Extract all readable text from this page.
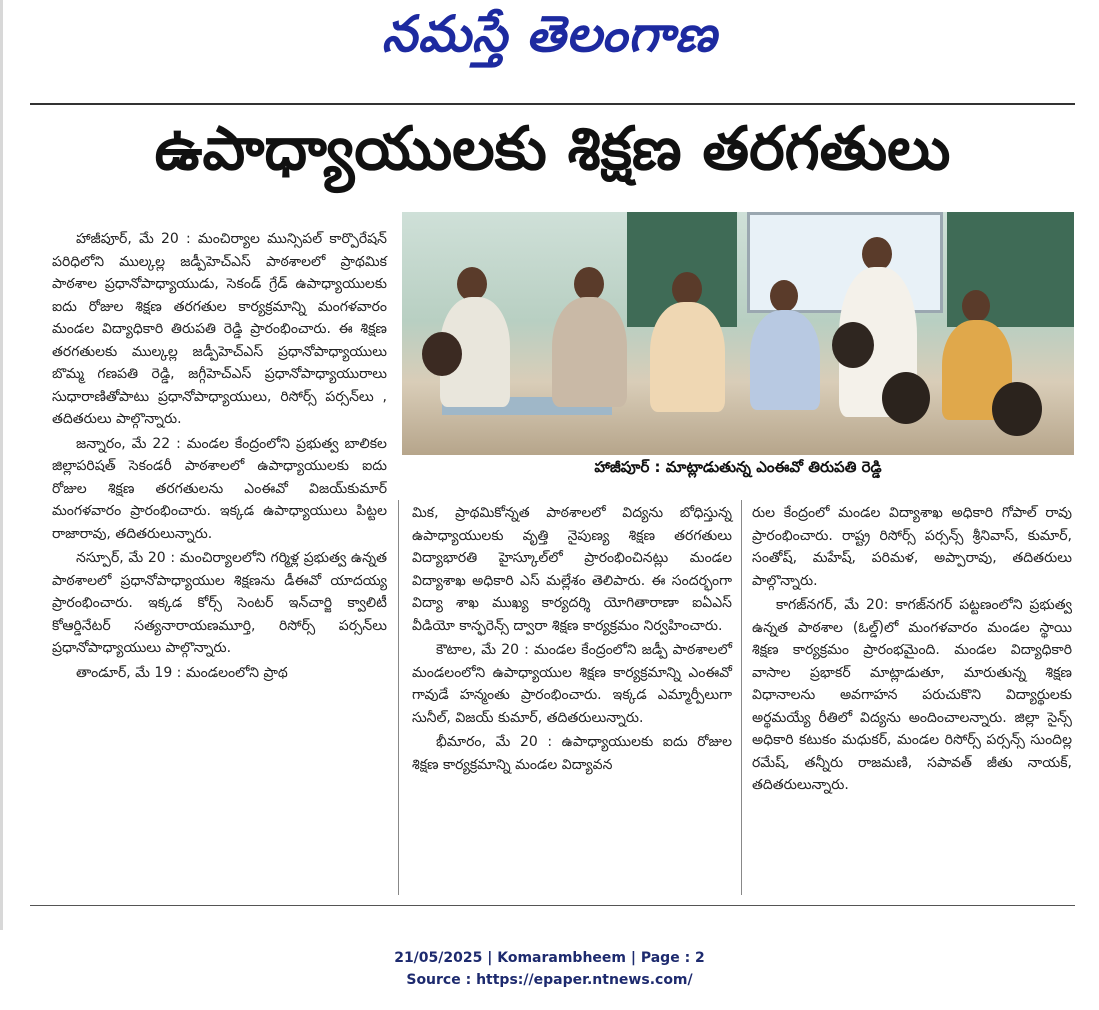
నమస్తే తెలంగాణ
ఉపాధ్యాయులకు శిక్షణ తరగతులు

హాజీపూర్, మే 20 : మంచిర్యాల మున్సిపల్ కార్పొరేషన్ పరిధిలోని ముల్కల్ల జడ్పీహెచ్‌ఎస్ పాఠశాలలో ప్రాథమిక పాఠశాల ప్రధానోపాధ్యాయుడు, సెకండ్ గ్రేడ్ ఉపాధ్యాయులకు ఐదు రోజుల శిక్షణ తరగతుల కార్యక్రమాన్ని మంగళవారం మండల విద్యాధికారి తిరుపతి రెడ్డి ప్రారంభించారు. ఈ శిక్షణ తరగతులకు ముల్కల్ల జడ్పీహెచ్‌ఎస్ ప్రధానోపాధ్యాయులు బొమ్మ గణపతి రెడ్డి, జగ్గీహెచ్‌ఎస్ ప్రధానోపాధ్యాయురాలు సుధారాణితోపాటు ప్రధానోపాధ్యాయులు, రిసోర్స్ పర్సన్‌లు , తదితరులు పాల్గొన్నారు.

జన్నారం, మే 22 : మండల కేంద్రంలోని ప్రభుత్వ బాలికల జిల్లాపరిషత్ సెకండరీ పాఠశాలలో ఉపాధ్యాయులకు ఐదు రోజుల శిక్షణ తరగతులను ఎంఈవో విజయ్‌కుమార్ మంగళవారం ప్రారంభించారు. ఇక్కడ ఉపాధ్యాయులు పిట్టల రాజారావు, తదితరులున్నారు.

నస్పూర్, మే 20 : మంచిర్యాలలోని గర్మిళ్ల ప్రభుత్వ ఉన్నత పాఠశాలలో ప్రధానోపాధ్యాయుల శిక్షణను డీఈవో యాదయ్య ప్రారంభించారు. ఇక్కడ కోర్స్ సెంటర్ ఇన్‌చార్జి క్వాలిటీ కోఆర్డినేటర్ సత్యనారాయణమూర్తి, రిసోర్స్ పర్సన్‌లు ప్రధానోపాధ్యాయులు పాల్గొన్నారు.

తాండూర్, మే 19 : మండలంలోని ప్రాథ

హాజీపూర్ : మాట్లాడుతున్న ఎంఈవో తిరుపతి రెడ్డి

మిక, ప్రాథమికోన్నత పాఠశాలలో విద్యను బోధిస్తున్న ఉపాధ్యాయులకు వృత్తి నైపుణ్య శిక్షణ తరగతులు విద్యాభారతి హైస్కూల్‌లో ప్రారంభించినట్లు మండల విద్యాశాఖ అధికారి ఎస్ మల్లేశం తెలిపారు. ఈ సందర్భంగా విద్యా శాఖ ముఖ్య కార్యదర్శి యోగితారాణా ఐఏఎస్ వీడియో కాన్ఫరెన్స్ ద్వారా శిక్షణ కార్యక్రమం నిర్వహించారు.

కౌటాల, మే 20 : మండల కేంద్రంలోని జడ్పీ పాఠశాలలో మండలంలోని ఉపాధ్యాయుల శిక్షణ కార్యక్రమాన్ని ఎంఈవో గావుడే హన్మంతు ప్రారంభించారు. ఇక్కడ ఎమ్మార్పీలుగా సునీల్, విజయ్ కుమార్, తదితరులున్నారు.

భీమారం, మే 20 : ఉపాధ్యాయులకు ఐదు రోజుల శిక్షణ కార్యక్రమాన్ని మండల విద్యావన

రుల కేంద్రంలో మండల విద్యాశాఖ అధికారి గోపాల్ రావు ప్రారంభించారు. రాష్ట్ర రిసోర్స్ పర్సన్స్ శ్రీనివాస్, కుమార్, సంతోష్, మహేష్, పరిమళ, అప్పారావు, తదితరులు పాల్గొన్నారు.

కాగజ్‌నగర్, మే 20: కాగజ్‌నగర్ పట్టణంలోని ప్రభుత్వ ఉన్నత పాఠశాల (ఓల్డ్)లో మంగళవారం మండల స్థాయి శిక్షణ కార్యక్రమం ప్రారంభమైంది. మండల విద్యాధికారి వాసాల ప్రభాకర్ మాట్లాడుతూ, మారుతున్న శిక్షణ విధానాలను అవగాహన పరుచుకొని విద్యార్థులకు అర్థమయ్యే రీతిలో విద్యను అందించాలన్నారు. జిల్లా సైన్స్ అధికారి కటుకం మధుకర్, మండల రిసోర్స్ పర్సన్స్ సుందిల్ల రమేష్, తన్నీరు రాజమణి, సపావత్ జీతు నాయక్, తదితరులున్నారు.

21/05/2025 | Komarambheem | Page : 2
Source : https://epaper.ntnews.com/
